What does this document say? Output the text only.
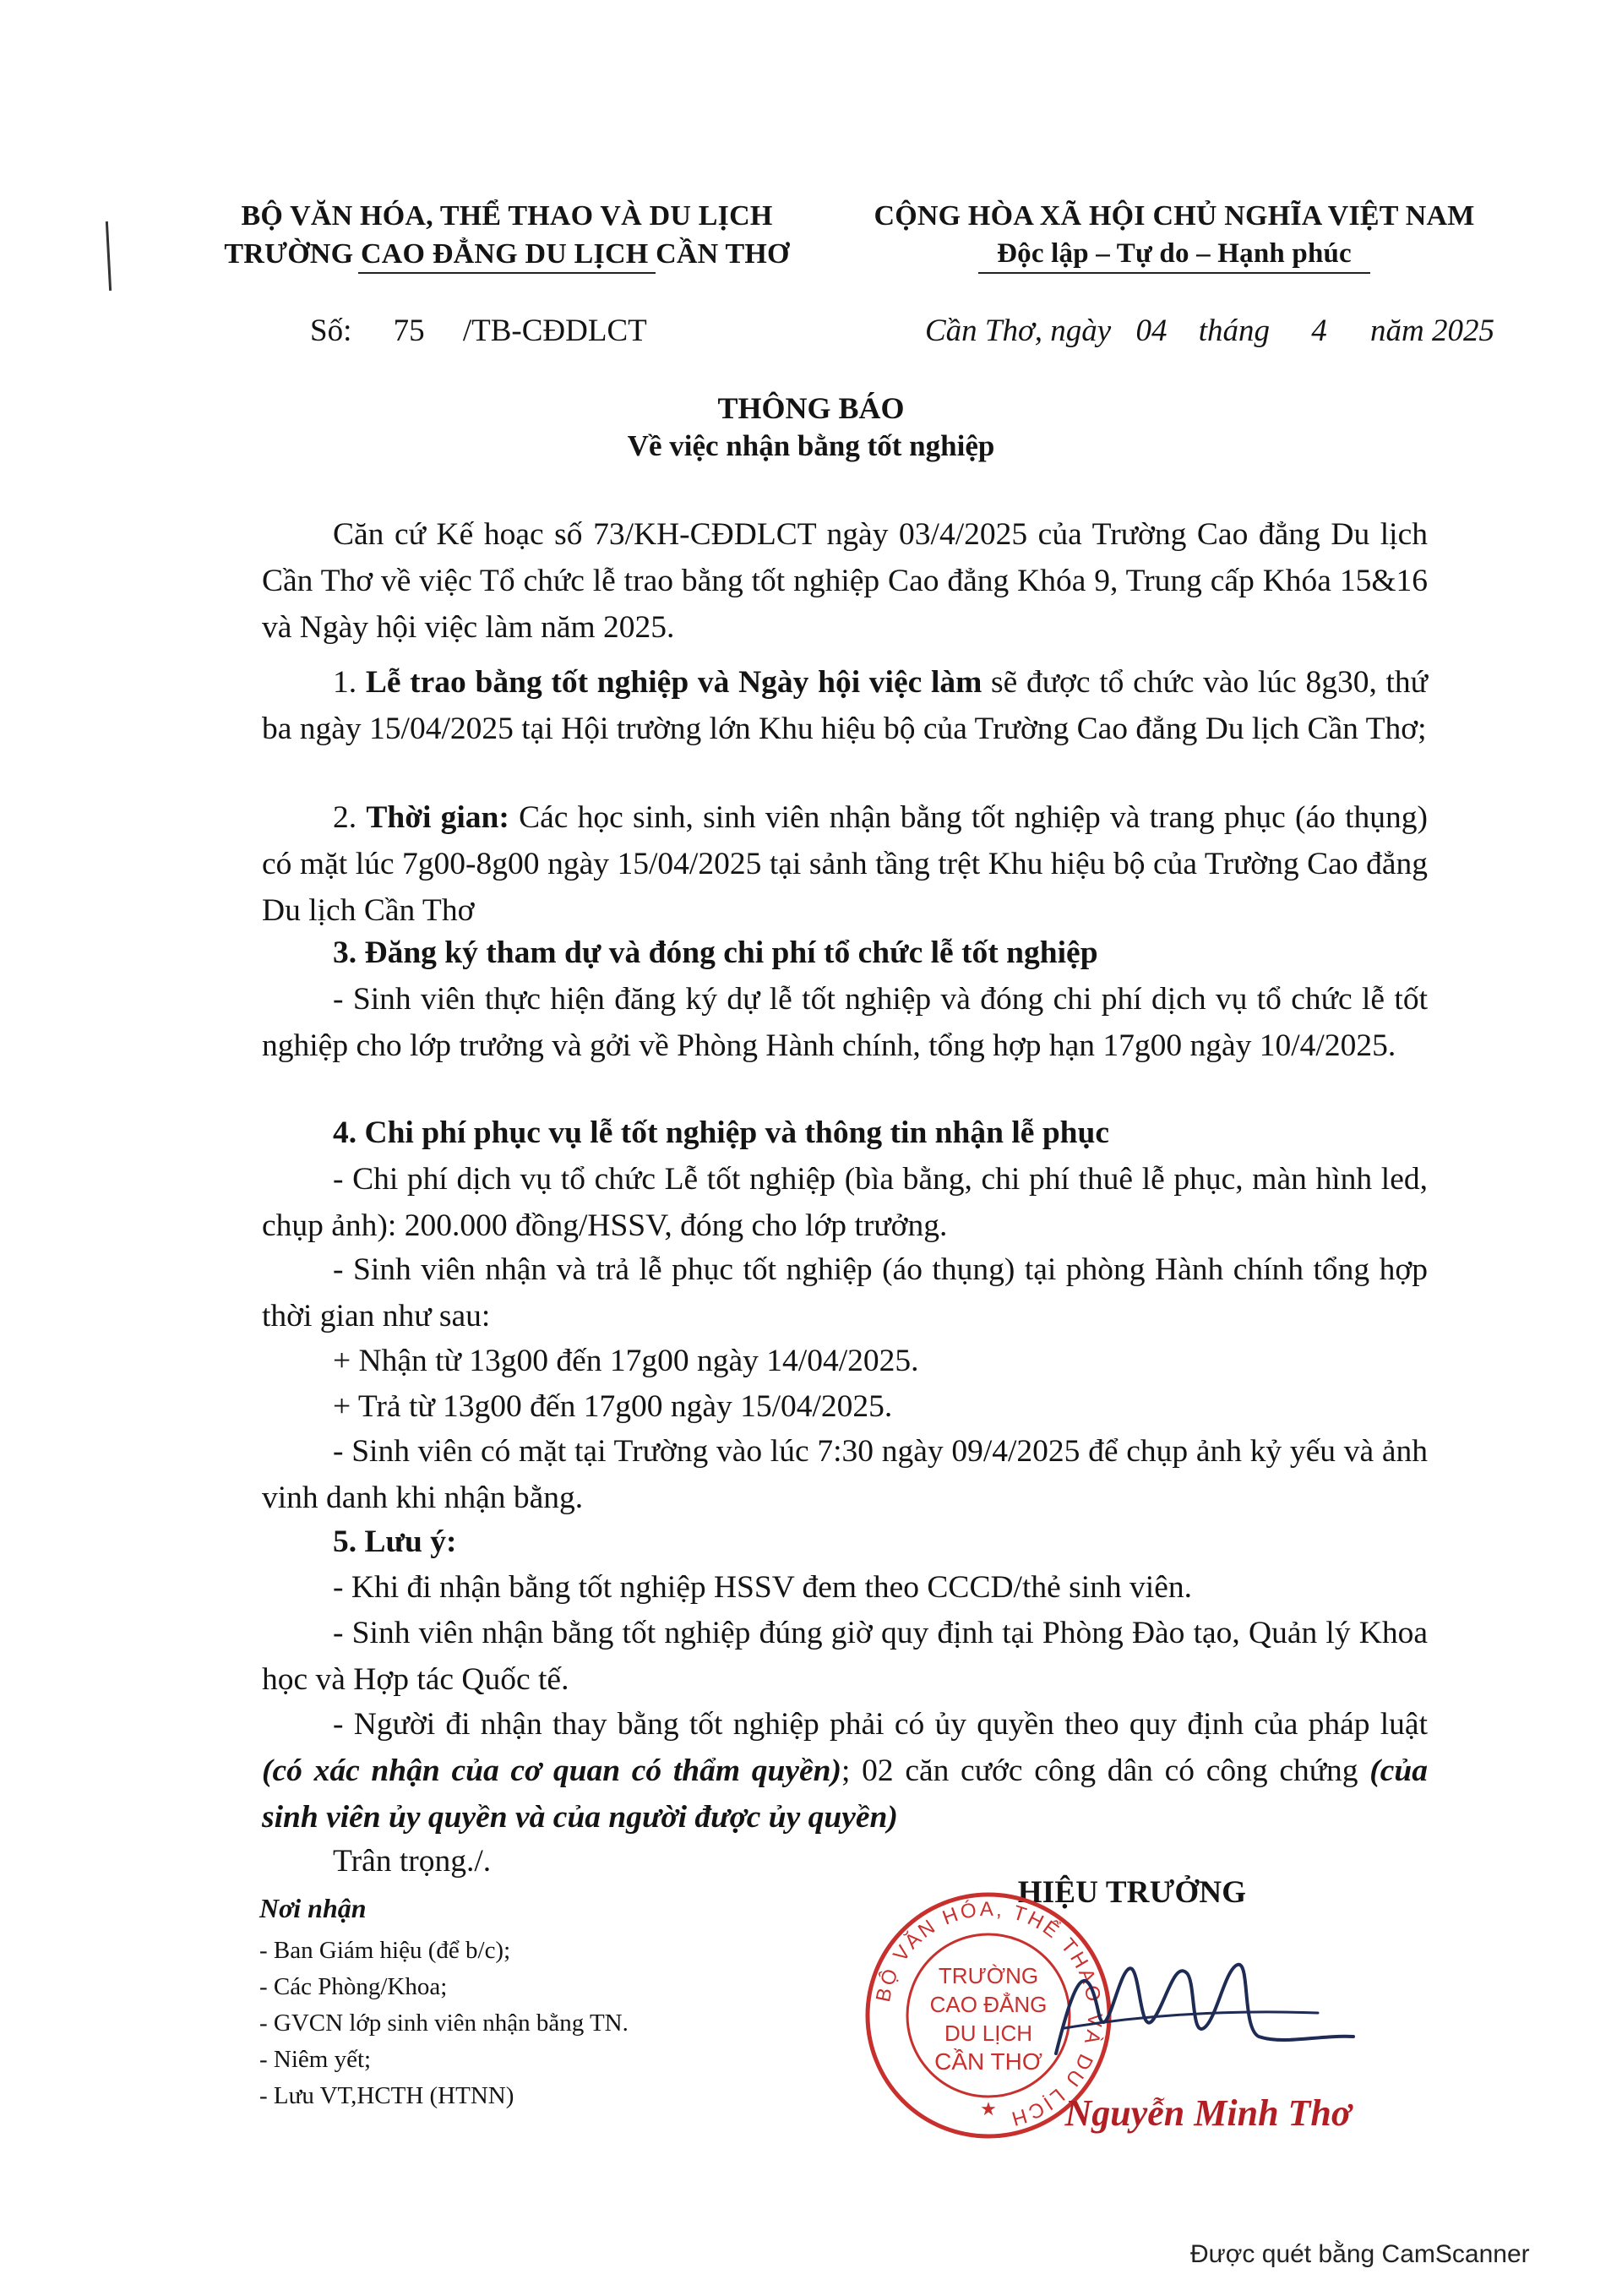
BỘ VĂN HÓA, THỂ THAO VÀ DU LỊCH
TRƯỜNG CAO ĐẲNG DU LỊCH CẦN THƠ
CỘNG HÒA XÃ HỘI CHỦ NGHĨA VIỆT NAM
Độc lập – Tự do – Hạnh phúc
Số: 75 /TB-CĐDLCT	Cần Thơ, ngày 04 tháng 4 năm 2025
THÔNG BÁO
Về việc nhận bằng tốt nghiệp
Căn cứ Kế hoạc số 73/KH-CĐDLCT ngày 03/4/2025 của Trường Cao đẳng Du lịch Cần Thơ về việc Tổ chức lễ trao bằng tốt nghiệp Cao đẳng Khóa 9, Trung cấp Khóa 15&16 và Ngày hội việc làm năm 2025.
1. Lễ trao bằng tốt nghiệp và Ngày hội việc làm sẽ được tổ chức vào lúc 8g30, thứ ba ngày 15/04/2025 tại Hội trường lớn Khu hiệu bộ của Trường Cao đẳng Du lịch Cần Thơ;
2. Thời gian: Các học sinh, sinh viên nhận bằng tốt nghiệp và trang phục (áo thụng) có mặt lúc 7g00-8g00 ngày 15/04/2025 tại sảnh tầng trệt Khu hiệu bộ của Trường Cao đẳng Du lịch Cần Thơ
3. Đăng ký tham dự và đóng chi phí tổ chức lễ tốt nghiệp
- Sinh viên thực hiện đăng ký dự lễ tốt nghiệp và đóng chi phí dịch vụ tổ chức lễ tốt nghiệp cho lớp trưởng và gởi về Phòng Hành chính, tổng hợp hạn 17g00 ngày 10/4/2025.
4. Chi phí phục vụ lễ tốt nghiệp và thông tin nhận lễ phục
- Chi phí dịch vụ tổ chức Lễ tốt nghiệp (bìa bằng, chi phí thuê lễ phục, màn hình led, chụp ảnh): 200.000 đồng/HSSV, đóng cho lớp trưởng.
- Sinh viên nhận và trả lễ phục tốt nghiệp (áo thụng) tại phòng Hành chính tổng hợp thời gian như sau:
+ Nhận từ 13g00 đến 17g00 ngày 14/04/2025.
+ Trả từ 13g00 đến 17g00 ngày 15/04/2025.
- Sinh viên có mặt tại Trường vào lúc 7:30 ngày 09/4/2025 để chụp ảnh kỷ yếu và ảnh vinh danh khi nhận bằng.
5. Lưu ý:
- Khi đi nhận bằng tốt nghiệp HSSV đem theo CCCD/thẻ sinh viên.
- Sinh viên nhận bằng tốt nghiệp đúng giờ quy định tại Phòng Đào tạo, Quản lý Khoa học và Hợp tác Quốc tế.
- Người đi nhận thay bằng tốt nghiệp phải có ủy quyền theo quy định của pháp luật (có xác nhận của cơ quan có thẩm quyền); 02 căn cước công dân có công chứng (của sinh viên ủy quyền và của người được ủy quyền)
Trân trọng./.
Nơi nhận
- Ban Giám hiệu (để b/c);
- Các Phòng/Khoa;
- GVCN lớp sinh viên nhận bằng TN.
- Niêm yết;
- Lưu VT,HCTH (HTNN)
HIỆU TRƯỞNG
BỘ VĂN HÓA, THỂ THAO VÀ DU LỊCH
TRƯỜNG
CAO ĐẲNG
DU LỊCH
CẦN THƠ
★	Nguyễn Minh Thơ
Được quét bằng CamScanner
